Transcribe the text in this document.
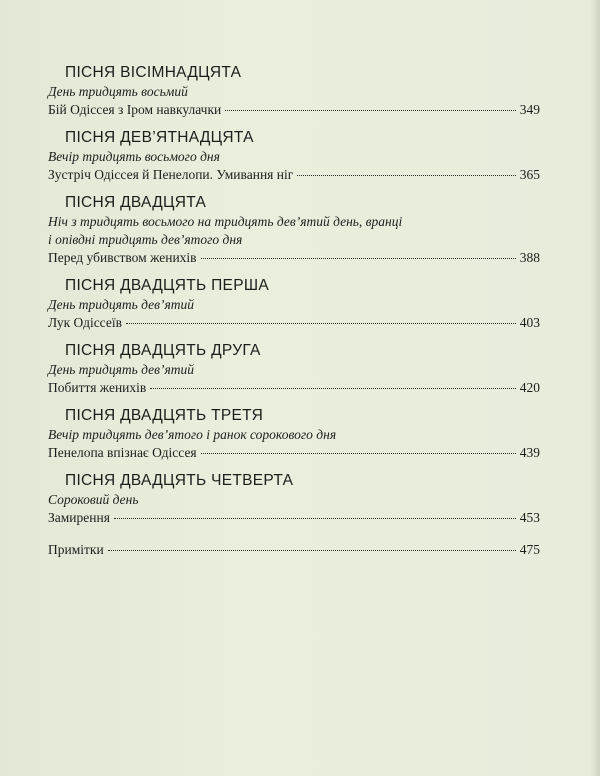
ПІСНЯ ВІСІМНАДЦЯТА
День тридцять восьмий
Бій Одіссея з Іром навкулачки	349
ПІСНЯ ДЕВ’ЯТНАДЦЯТА
Вечір тридцять восьмого дня
Зустріч Одіссея й Пенелопи. Умивання ніг	365
ПІСНЯ ДВАДЦЯТА
Ніч з тридцять восьмого на тридцять дев’ятий день, вранці
і опівдні тридцять дев’ятого дня
Перед убивством женихів	388
ПІСНЯ ДВАДЦЯТЬ ПЕРША
День тридцять дев’ятий
Лук Одіссеїв	403
ПІСНЯ ДВАДЦЯТЬ ДРУГА
День тридцять дев’ятий
Побиття женихів	420
ПІСНЯ ДВАДЦЯТЬ ТРЕТЯ
Вечір тридцять дев’ятого і ранок сорокового дня
Пенелопа впізнає Одіссея	439
ПІСНЯ ДВАДЦЯТЬ ЧЕТВЕРТА
Сороковий день
Замирення	453
Примітки	475
